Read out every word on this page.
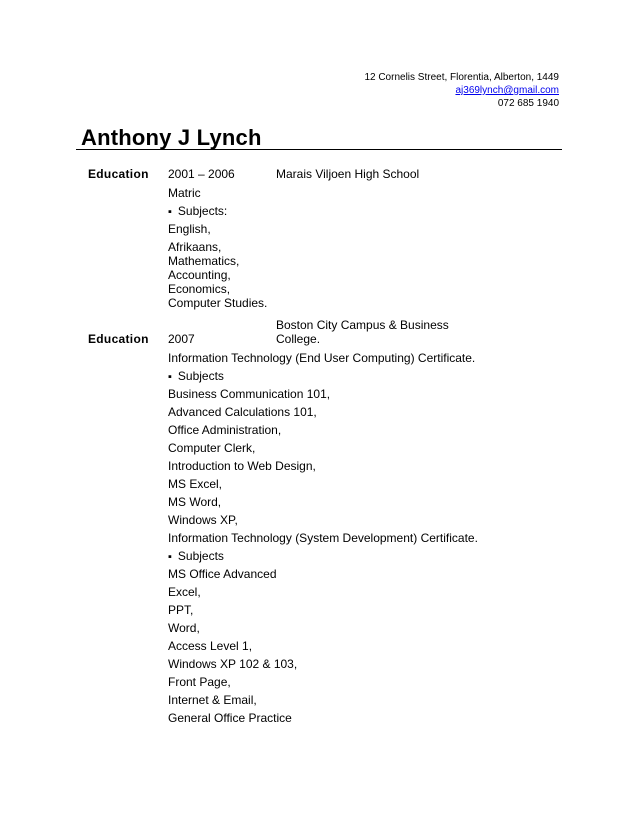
12 Cornelis Street, Florentia, Alberton, 1449
aj369lynch@gmail.com
072 685 1940
Anthony J Lynch
Education 2001 – 2006	Marais Viljoen High School
Matric
▪ Subjects:
English,
Afrikaans,
Mathematics,
Accounting,
Economics,
Computer Studies.
Boston City Campus & Business
Education 2007	College.
Information Technology (End User Computing) Certificate.
▪ Subjects
Business Communication 101,
Advanced Calculations 101,
Office Administration,
Computer Clerk,
Introduction to Web Design,
MS Excel,
MS Word,
Windows XP,
Information Technology (System Development) Certificate.
▪ Subjects
MS Office Advanced
Excel,
PPT,
Word,
Access Level 1,
Windows XP 102 & 103,
Front Page,
Internet & Email,
General Office Practice
